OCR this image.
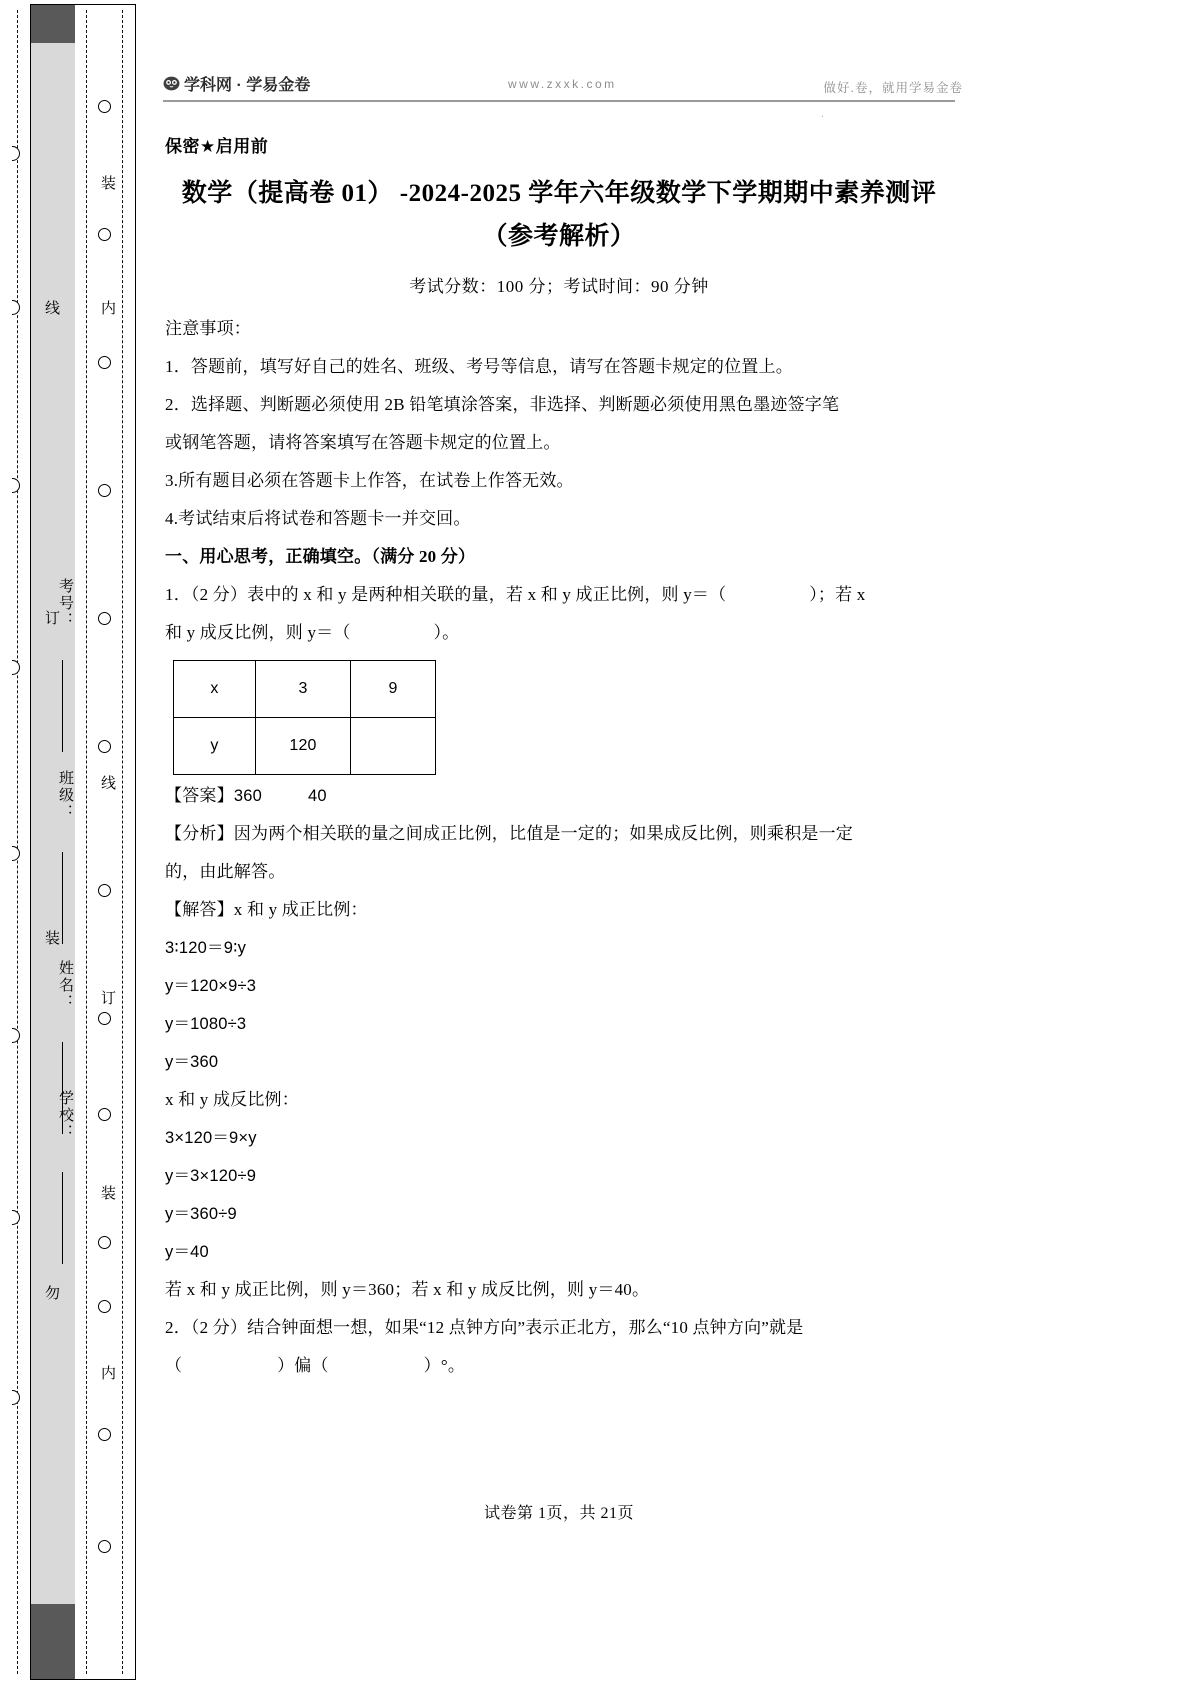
装
内
线
订
装
内
线
订
装
勿
考号：
班级：
姓名：
学校：
学科网 · 学易金卷	www.zxxk.com	做好.卷，就用学易金卷
.
保密★启用前
数学（提高卷 01） -2024-2025 学年六年级数学下学期期中素养测评
（参考解析）
考试分数：100 分；考试时间：90 分钟

注意事项：

1．答题前，填写好自己的姓名、班级、考号等信息，请写在答题卡规定的位置上。

2．选择题、判断题必须使用 2B 铅笔填涂答案，非选择、判断题必须使用黑色墨迹签字笔

或钢笔答题，请将答案填写在答题卡规定的位置上。

3.所有题目必须在答题卡上作答，在试卷上作答无效。

4.考试结束后将试卷和答题卡一并交回。

一、用心思考，正确填空。（满分 20 分）

1．（2 分）表中的 x 和 y 是两种相关联的量，若 x 和 y 成正比例，则 y＝（	）；若 x

和 y 成反比例，则 y＝（	）。

x	3	9
y	120	

【答案】360	40

【分析】因为两个相关联的量之间成正比例，比值是一定的；如果成反比例，则乘积是一定

的，由此解答。

【解答】x 和 y 成正比例：

3∶120＝9∶y

y＝120×9÷3

y＝1080÷3

y＝360

x 和 y 成反比例：

3×120＝9×y

y＝3×120÷9

y＝360÷9

y＝40

若 x 和 y 成正比例，则 y＝360；若 x 和 y 成反比例，则 y＝40。

2．（2 分）结合钟面想一想，如果“12 点钟方向”表示正北方，那么“10 点钟方向”就是

（	）偏（	）°。

试卷第 1页，共 21页
